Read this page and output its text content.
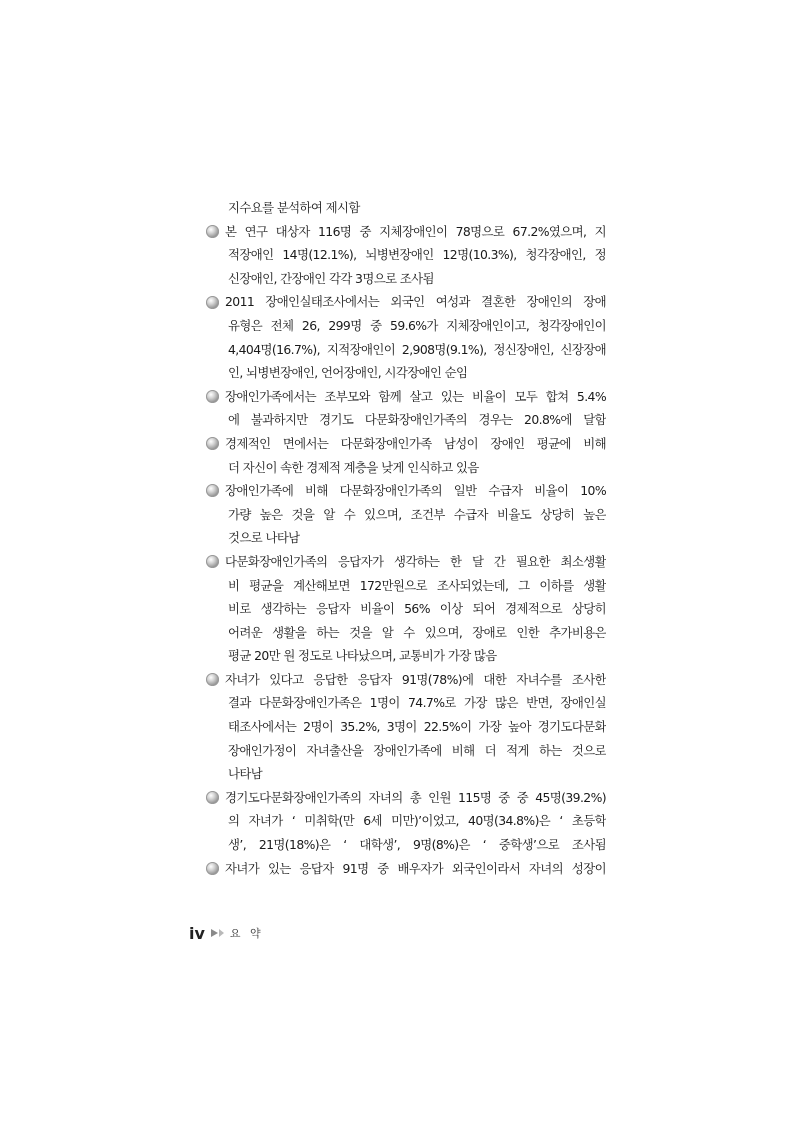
지수요를 분석하여 제시함
본 연구 대상자 116명 중 지체장애인이 78명으로 67.2%였으며, 지
적장애인 14명(12.1%), 뇌병변장애인 12명(10.3%), 청각장애인, 정
신장애인, 간장애인 각각 3명으로 조사됨
2011 장애인실태조사에서는 외국인 여성과 결혼한 장애인의 장애
유형은 전체 26, 299명 중 59.6%가 지체장애인이고, 청각장애인이
4,404명(16.7%), 지적장애인이 2,908명(9.1%), 정신장애인, 신장장애
인, 뇌병변장애인, 언어장애인, 시각장애인 순임
장애인가족에서는 조부모와 함께 살고 있는 비율이 모두 합쳐 5.4%
에 불과하지만 경기도 다문화장애인가족의 경우는 20.8%에 달함
경제적인 면에서는 다문화장애인가족 남성이 장애인 평균에 비해
더 자신이 속한 경제적 계층을 낮게 인식하고 있음
장애인가족에 비해 다문화장애인가족의 일반 수급자 비율이 10%
가량 높은 것을 알 수 있으며, 조건부 수급자 비율도 상당히 높은
것으로 나타남
다문화장애인가족의 응답자가 생각하는 한 달 간 필요한 최소생활
비 평균을 계산해보면 172만원으로 조사되었는데, 그 이하를 생활
비로 생각하는 응답자 비율이 56% 이상 되어 경제적으로 상당히
어려운 생활을 하는 것을 알 수 있으며, 장애로 인한 추가비용은
평균 20만 원 정도로 나타났으며, 교통비가 가장 많음
자녀가 있다고 응답한 응답자 91명(78%)에 대한 자녀수를 조사한
결과 다문화장애인가족은 1명이 74.7%로 가장 많은 반면, 장애인실
태조사에서는 2명이 35.2%, 3명이 22.5%이 가장 높아 경기도다문화
장애인가정이 자녀출산을 장애인가족에 비해 더 적게 하는 것으로
나타남
경기도다문화장애인가족의 자녀의 총 인원 115명 중 중 45명(39.2%)
의 자녀가 ‘ 미취학(만 6세 미만)’이었고, 40명(34.8%)은 ‘ 초등학
생’, 21명(18%)은 ‘ 대학생’, 9명(8%)은 ‘ 중학생’으로 조사됨
자녀가 있는 응답자 91명 중 배우자가 외국인이라서 자녀의 성장이
iv 요 약
